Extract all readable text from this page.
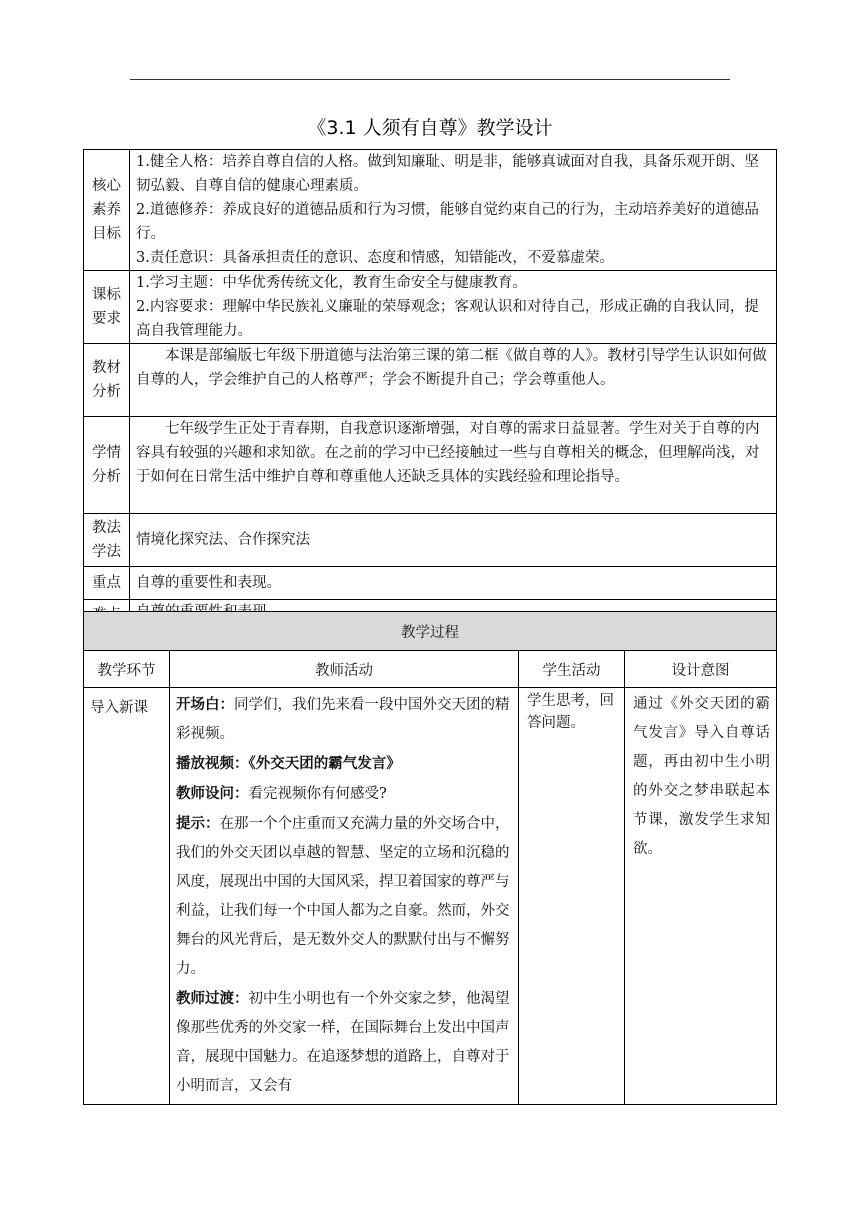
《3.1 人须有自尊》教学设计
核心素养目标	1.健全人格：培养自尊自信的人格。做到知廉耻、明是非，能够真诚面对自我，具备乐观开朗、坚韧弘毅、自尊自信的健康心理素质。

2.道德修养：养成良好的道德品质和行为习惯，能够自觉约束自己的行为，主动培养美好的道德品行。

3.责任意识：具备承担责任的意识、态度和情感，知错能改，不爱慕虚荣。

课标要求	1.学习主题：中华优秀传统文化，教育生命安全与健康教育。

2.内容要求：理解中华民族礼义廉耻的荣辱观念；客观认识和对待自己，形成正确的自我认同，提高自我管理能力。

教材分析	本课是部编版七年级下册道德与法治第三课的第二框《做自尊的人》。教材引导学生认识如何做自尊的人，学会维护自己的人格尊严；学会不断提升自己；学会尊重他人。

学情分析	七年级学生正处于青春期，自我意识逐渐增强，对自尊的需求日益显著。学生对关于自尊的内容具有较强的兴趣和求知欲。在之前的学习中已经接触过一些与自尊相关的概念，但理解尚浅，对于如何在日常生活中维护自尊和尊重他人还缺乏具体的实践经验和理论指导。

教法学法	情境化探究法、合作探究法

重点	自尊的重要性和表现。

教学过程			
教学环节	教师活动	学生活动	设计意图
导入新课	开场白：同学们，我们先来看一段中国外交天团的精彩视频。

播放视频：《外交天团的霸气发言》

教师设问：看完视频你有何感受?

提示：在那一个个庄重而又充满力量的外交场合中，我们的外交天团以卓越的智慧、坚定的立场和沉稳的风度，展现出中国的大国风采，捍卫着国家的尊严与利益，让我们每一个中国人都为之自豪。然而，外交舞台的风光背后，是无数外交人的默默付出与不懈努力。

教师过渡：初中生小明也有一个外交家之梦，他渴望像那些优秀的外交家一样，在国际舞台上发出中国声音，展现中国魅力。在追逐梦想的道路上，自尊对于小明而言，又会有	学生思考，回答问题。	通过《外交天团的霸气发言》导入自尊话题，再由初中生小明的外交之梦串联起本节课，激发学生求知欲。
